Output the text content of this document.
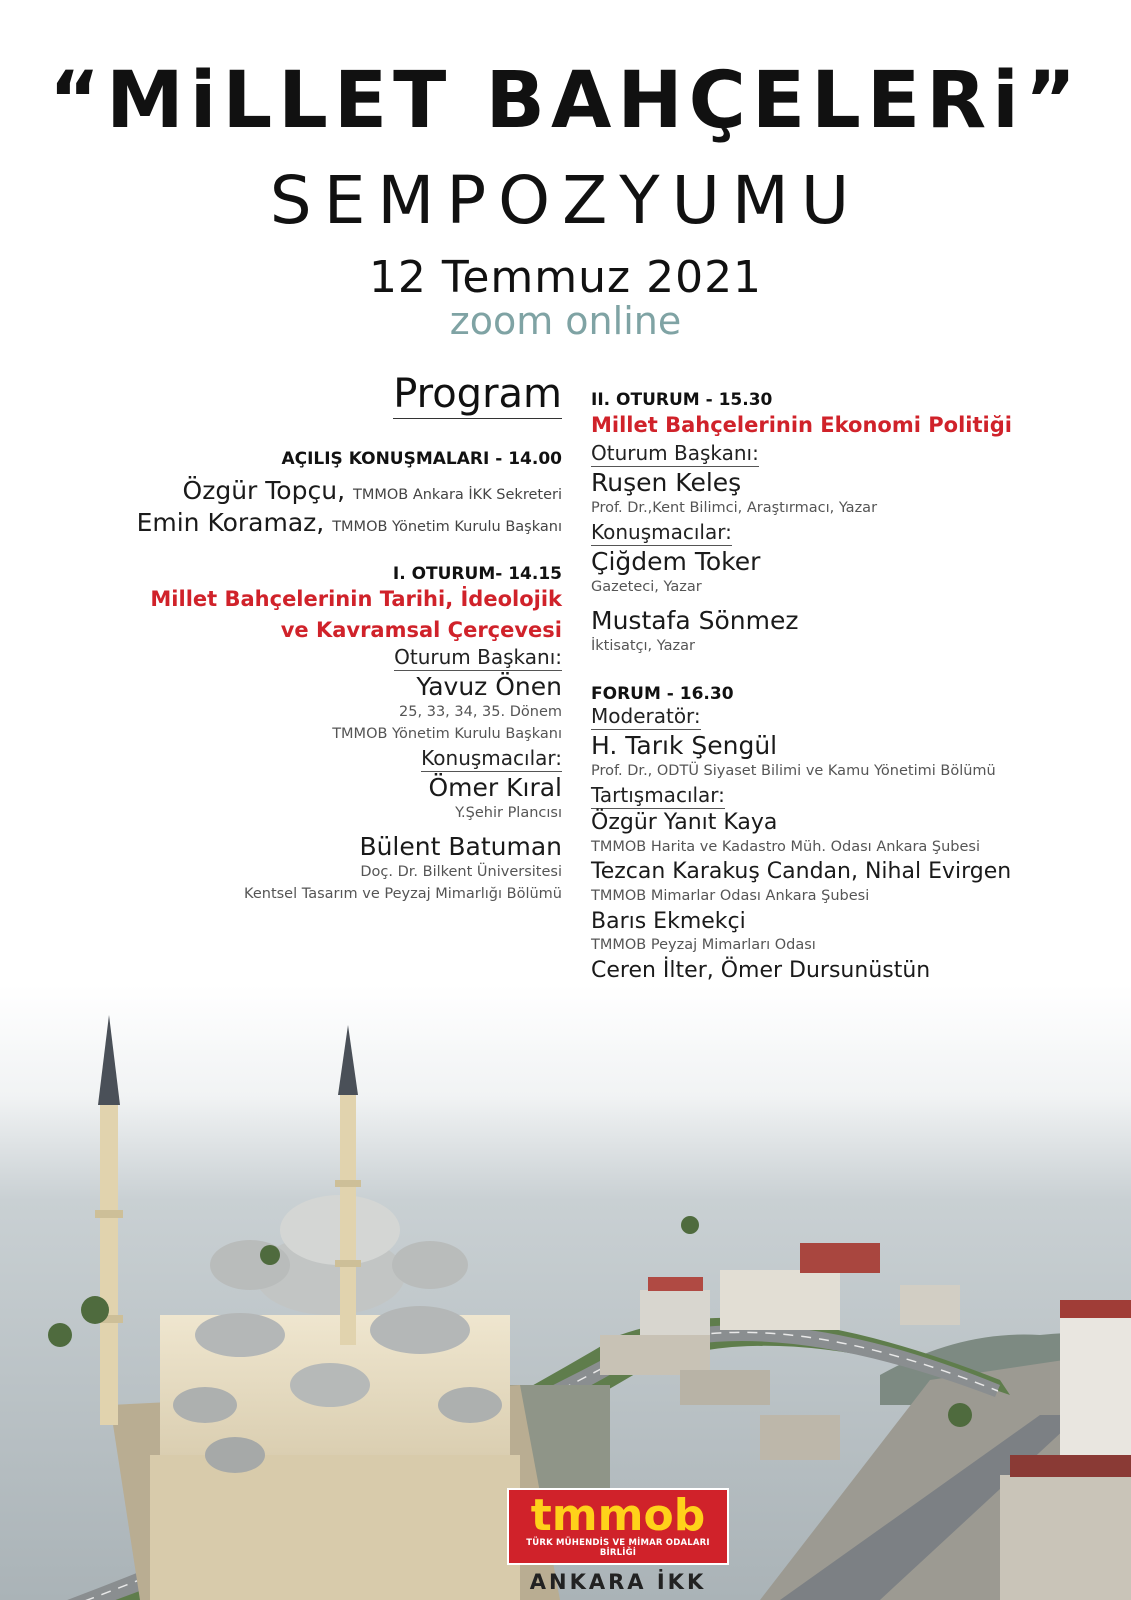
“MiLLET BAHÇELERi”
SEMPOZYUMU
12 Temmuz 2021
zoom online
Program
AÇILIŞ KONUŞMALARI - 14.00
Özgür Topçu, TMMOB Ankara İKK Sekreteri
Emin Koramaz, TMMOB Yönetim Kurulu Başkanı
I. OTURUM- 14.15
Millet Bahçelerinin Tarihi, İdeolojik
ve Kavramsal Çerçevesi
Oturum Başkanı:
Yavuz Önen
25, 33, 34, 35. Dönem
TMMOB Yönetim Kurulu Başkanı
Konuşmacılar:
Ömer Kıral
Y.Şehir Plancısı
Bülent Batuman
Doç. Dr. Bilkent Üniversitesi
Kentsel Tasarım ve Peyzaj Mimarlığı Bölümü
II. OTURUM - 15.30
Millet Bahçelerinin Ekonomi Politiği
Oturum Başkanı:
Ruşen Keleş
Prof. Dr.,Kent Bilimci, Araştırmacı, Yazar
Konuşmacılar:
Çiğdem Toker
Gazeteci, Yazar
Mustafa Sönmez
İktisatçı, Yazar
FORUM - 16.30
Moderatör:
H. Tarık Şengül
Prof. Dr., ODTÜ Siyaset Bilimi ve Kamu Yönetimi Bölümü
Tartışmacılar:
Özgür Yanıt Kaya
TMMOB Harita ve Kadastro Müh. Odası Ankara Şubesi
Tezcan Karakuş Candan, Nihal Evirgen
TMMOB Mimarlar Odası Ankara Şubesi
Barıs Ekmekçi
TMMOB Peyzaj Mimarları Odası
Ceren İlter, Ömer Dursunüstün
tmmob
TÜRK MÜHENDİS VE MİMAR ODALARI BİRLİĞİ
ANKARA İKK
